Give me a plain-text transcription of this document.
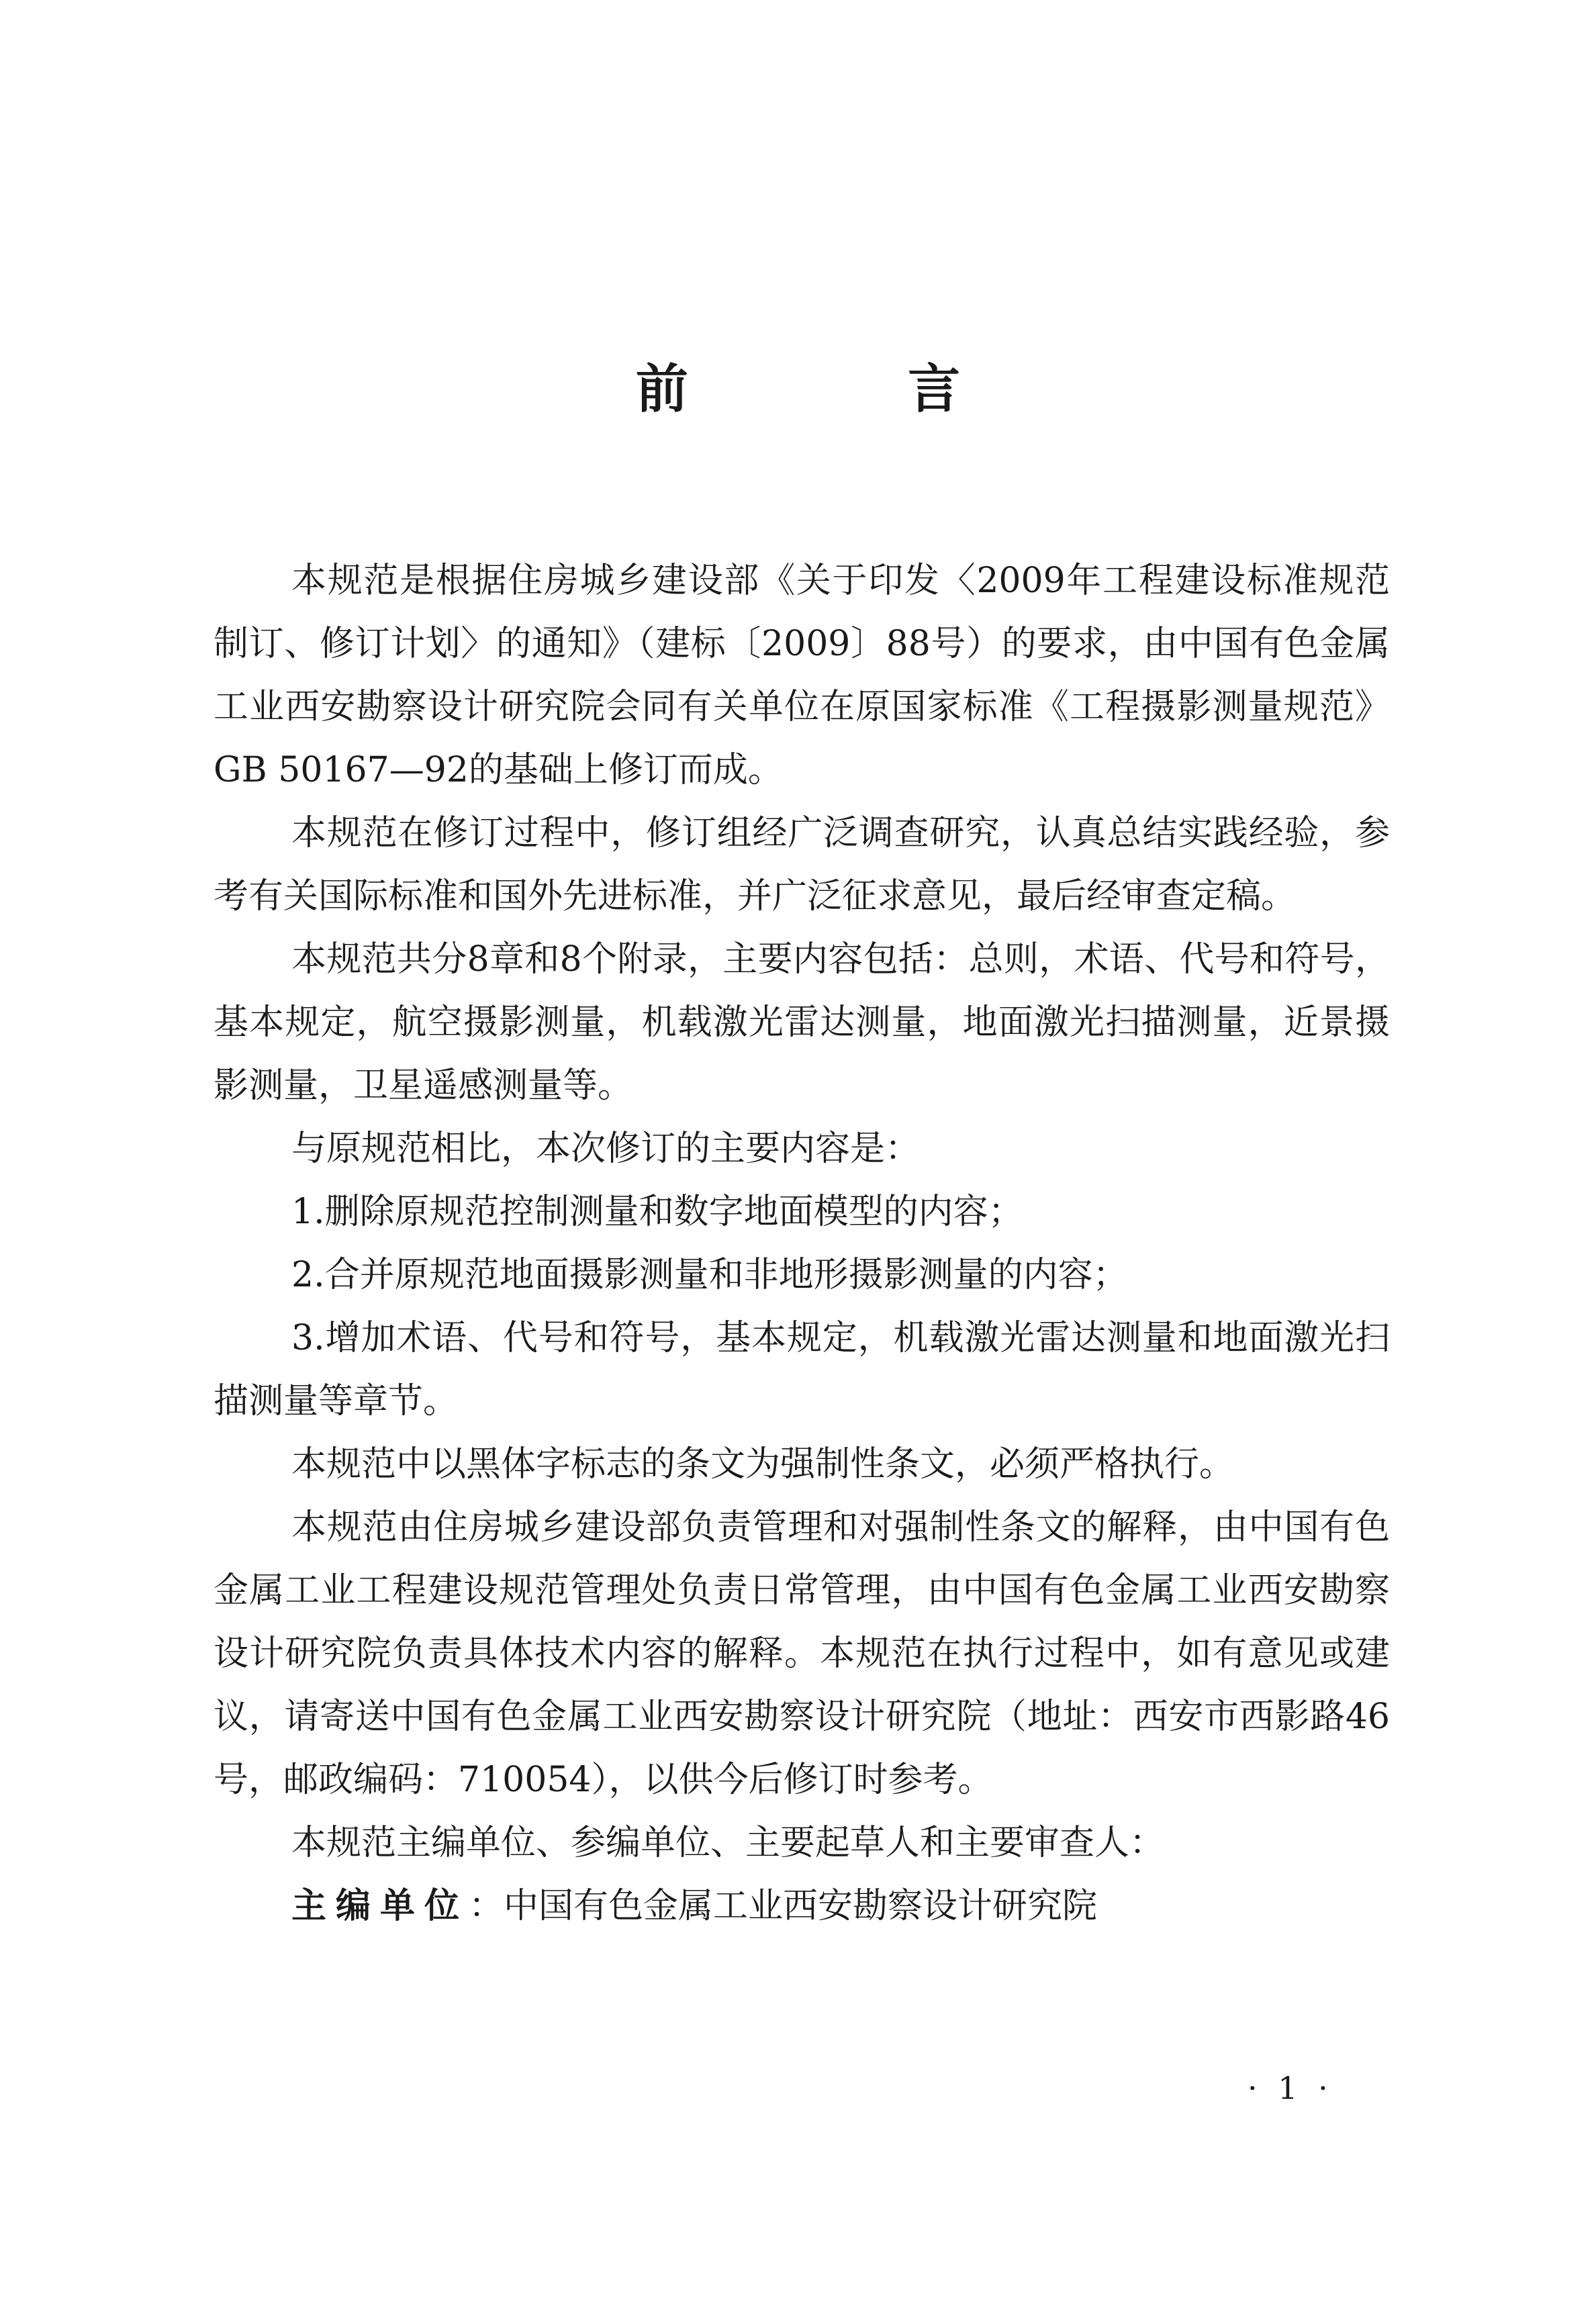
前 言

本规范是根据住房城乡建设部《关于印发〈2009年工程建设标准规范制订、修订计划〉的通知》（建标〔2009〕88号）的要求，由中国有色金属工业西安勘察设计研究院会同有关单位在原国家标准《工程摄影测量规范》GB 50167—92的基础上修订而成。

本规范在修订过程中，修订组经广泛调查研究，认真总结实践经验，参考有关国际标准和国外先进标准，并广泛征求意见，最后经审查定稿。

本规范共分8章和8个附录，主要内容包括：总则，术语、代号和符号，基本规定，航空摄影测量，机载激光雷达测量，地面激光扫描测量，近景摄影测量，卫星遥感测量等。

与原规范相比，本次修订的主要内容是：

1.删除原规范控制测量和数字地面模型的内容；

2.合并原规范地面摄影测量和非地形摄影测量的内容；

3.增加术语、代号和符号，基本规定，机载激光雷达测量和地面激光扫描测量等章节。

本规范中以黑体字标志的条文为强制性条文，必须严格执行。

本规范由住房城乡建设部负责管理和对强制性条文的解释，由中国有色金属工业工程建设规范管理处负责日常管理，由中国有色金属工业西安勘察设计研究院负责具体技术内容的解释。本规范在执行过程中，如有意见或建议，请寄送中国有色金属工业西安勘察设计研究院（地址：西安市西影路46号，邮政编码：710054），以供今后修订时参考。

本规范主编单位、参编单位、主要起草人和主要审查人：

主编单位：中国有色金属工业西安勘察设计研究院

· 1 ·
